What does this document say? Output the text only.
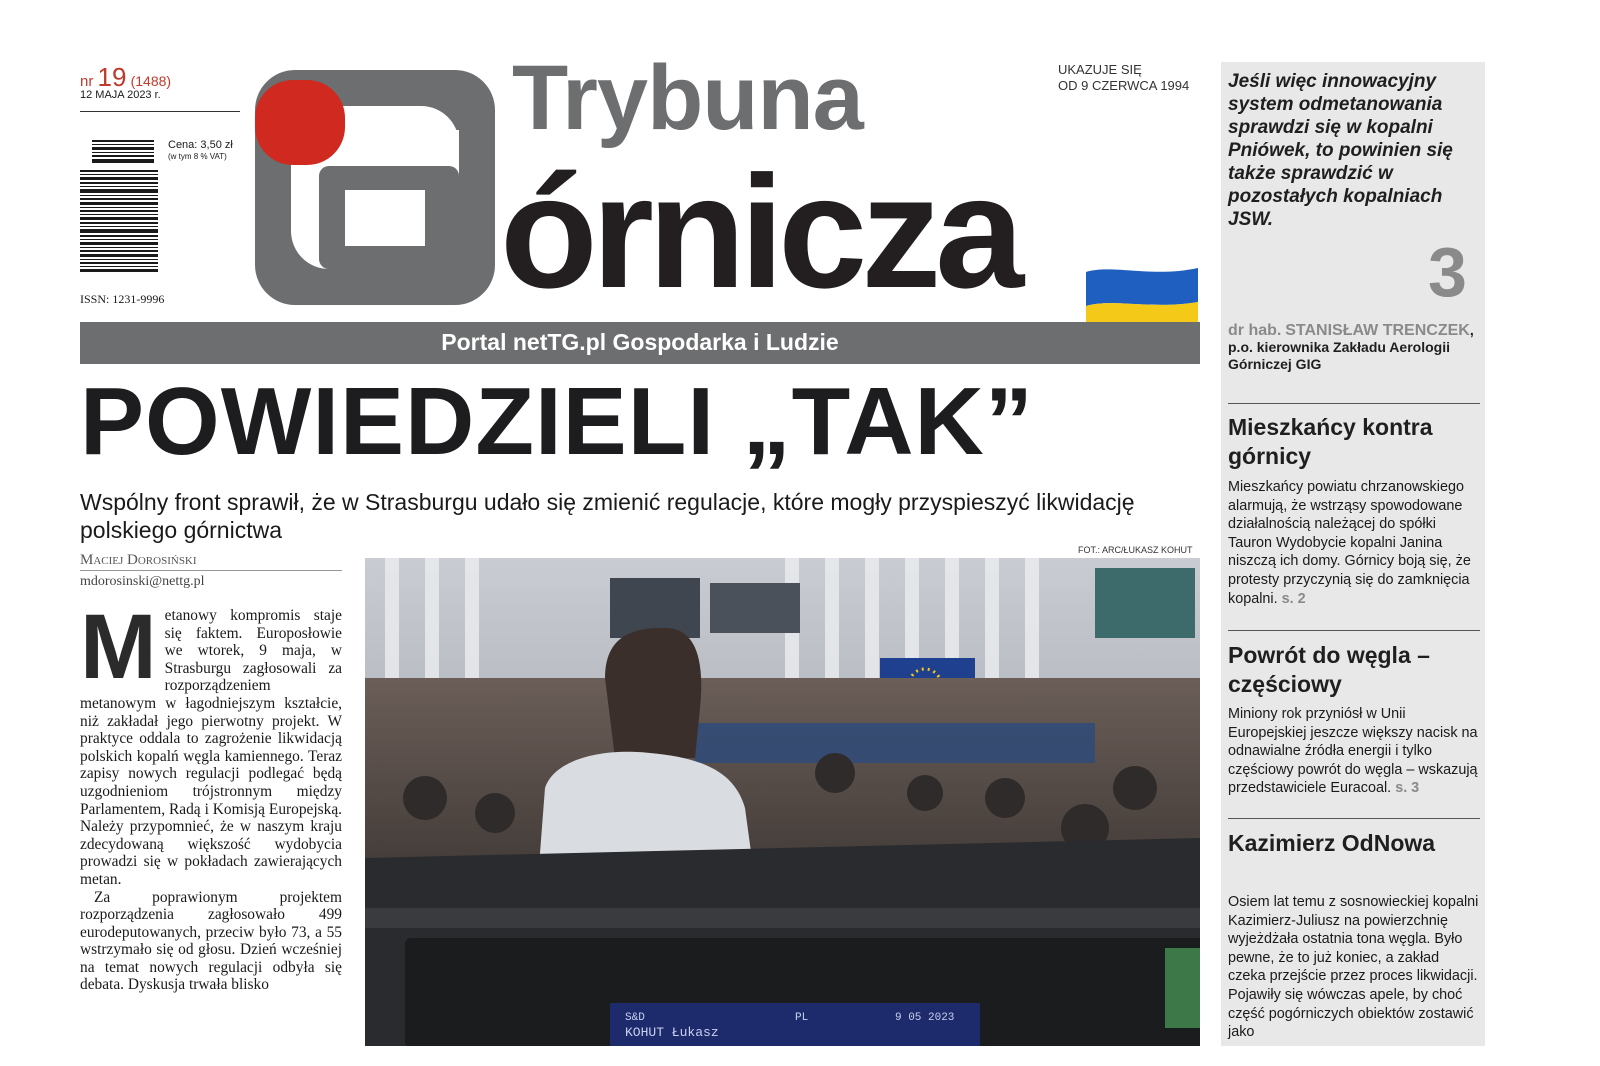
nr 19 (1488)
12 MAJA 2023 r.
Cena: 3,50 zł
(w tym 8 % VAT)
ISSN: 1231-9996
Trybuna
órnicza
UKAZUJE SIĘ
OD 9 CZERWCA 1994
Portal netTG.pl Gospodarka i Ludzie
POWIEDZIELI „TAK”
Wspólny front sprawił, że w Strasburgu udało się zmienić regulacje, które mogły przyspieszyć likwidację polskiego górnictwa
Maciej Dorosiński
mdorosinski@nettg.pl
FOT.: ARC/ŁUKASZ KOHUT

Metanowy kompromis staje się faktem. Europosłowie we wtorek, 9 maja, w Strasburgu zagłosowali za rozporządzeniem metanowym w łagodniejszym kształcie, niż zakładał jego pierwotny projekt. W praktyce oddala to zagrożenie likwidacją polskich kopalń węgla kamiennego. Teraz zapisy nowych regulacji podlegać będą uzgodnieniom trójstronnym między Parlamentem, Radą i Komisją Europejską. Należy przypomnieć, że w naszym kraju zdecydowaną większość wydobycia prowadzi się w pokładach zawierających metan.

Za poprawionym projektem rozporządzenia zagłosowało 499 eurodeputowanych, przeciw było 73, a 55 wstrzymało się od głosu. Dzień wcześniej na temat nowych regulacji odbyła się debata. Dyskusja trwała blisko

S&D
KOHUT Łukasz
PL	9 05 2023
Jeśli więc innowacyjny system odmetanowania sprawdzi się w kopalni Pniówek, to powinien się także sprawdzić w pozostałych kopalniach JSW.
3
dr hab. STANISŁAW TRENCZEK, p.o. kierownika Zakładu Aerologii Górniczej GIG
Mieszkańcy kontra górnicy
Mieszkańcy powiatu chrzanowskiego alarmują, że wstrząsy spowodowane działalnością należącej do spółki Tauron Wydobycie kopalni Janina niszczą ich domy. Górnicy boją się, że protesty przyczynią się do zamknięcia kopalni. s. 2
Powrót do węgla – częściowy
Miniony rok przyniósł w Unii Europejskiej jeszcze większy nacisk na odnawialne źródła energii i tylko częściowy powrót do węgla – wskazują przedstawiciele Euracoal. s. 3
Kazimierz OdNowa
Osiem lat temu z sosnowieckiej kopalni Kazimierz-Juliusz na powierzchnię wyjeżdżała ostatnia tona węgla. Było pewne, że to już koniec, a zakład czeka przejście przez proces likwidacji. Pojawiły się wówczas apele, by choć część pogórniczych obiektów zostawić jako
